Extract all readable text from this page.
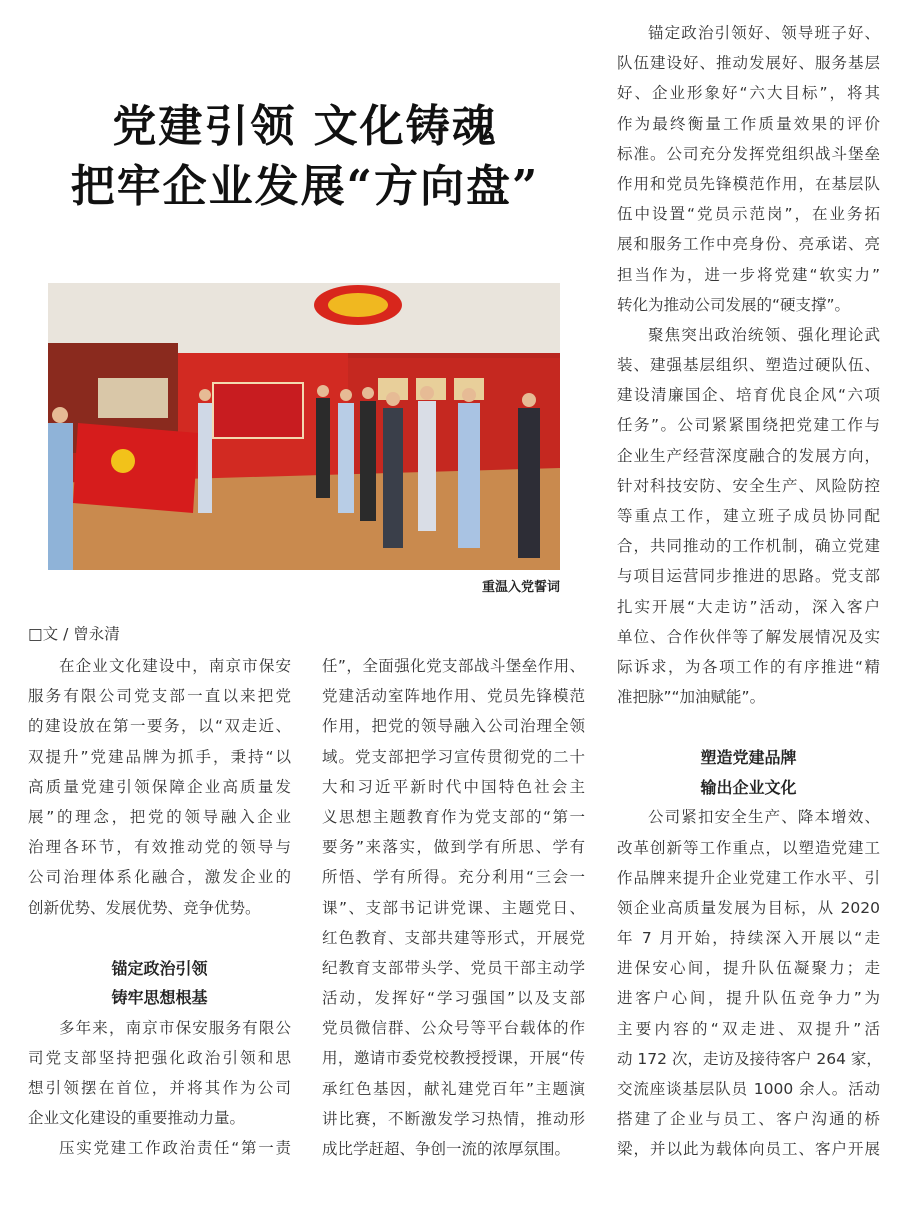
党建引领 文化铸魂
把牢企业发展“方向盘”
重温入党誓词
□文 / 曾永清
在企业文化建设中，南京市保安
服务有限公司党支部一直以来把党
的建设放在第一要务，以“双走近、
双提升”党建品牌为抓手，秉持“以
高质量党建引领保障企业高质量发
展”的理念，把党的领导融入企业
治理各环节，有效推动党的领导与
公司治理体系化融合，激发企业的
创新优势、发展优势、竞争优势。
锚定政治引领
铸牢思想根基
多年来，南京市保安服务有限公
司党支部坚持把强化政治引领和思
想引领摆在首位，并将其作为公司
企业文化建设的重要推动力量。
压实党建工作政治责任“第一责
任”，全面强化党支部战斗堡垒作用、
党建活动室阵地作用、党员先锋模范
作用，把党的领导融入公司治理全领
域。党支部把学习宣传贯彻党的二十
大和习近平新时代中国特色社会主
义思想主题教育作为党支部的“第一
要务”来落实，做到学有所思、学有
所悟、学有所得。充分利用“三会一
课”、支部书记讲党课、主题党日、
红色教育、支部共建等形式，开展党
纪教育支部带头学、党员干部主动学
活动，发挥好“学习强国”以及支部
党员微信群、公众号等平台载体的作
用，邀请市委党校教授授课，开展“传
承红色基因，献礼建党百年”主题演
讲比赛，不断激发学习热情，推动形
成比学赶超、争创一流的浓厚氛围。
锚定政治引领好、领导班子好、
队伍建设好、推动发展好、服务基层
好、企业形象好“六大目标”，将其
作为最终衡量工作质量效果的评价
标准。公司充分发挥党组织战斗堡垒
作用和党员先锋模范作用，在基层队
伍中设置“党员示范岗”，在业务拓
展和服务工作中亮身份、亮承诺、亮
担当作为，进一步将党建“软实力”
转化为推动公司发展的“硬支撑”。
聚焦突出政治统领、强化理论武
装、建强基层组织、塑造过硬队伍、
建设清廉国企、培育优良企风“六项
任务”。公司紧紧围绕把党建工作与
企业生产经营深度融合的发展方向，
针对科技安防、安全生产、风险防控
等重点工作，建立班子成员协同配
合，共同推动的工作机制，确立党建
与项目运营同步推进的思路。党支部
扎实开展“大走访”活动，深入客户
单位、合作伙伴等了解发展情况及实
际诉求，为各项工作的有序推进“精
准把脉”“加油赋能”。
塑造党建品牌
输出企业文化
公司紧扣安全生产、降本增效、
改革创新等工作重点，以塑造党建工
作品牌来提升企业党建工作水平、引
领企业高质量发展为目标，从 2020
年 7 月开始，持续深入开展以“走
进保安心间，提升队伍凝聚力；走
进客户心间，提升队伍竞争力”为
主要内容的“双走进、双提升”活
动 172 次，走访及接待客户 264 家，
交流座谈基层队员 1000 余人。活动
搭建了企业与员工、客户沟通的桥
梁，并以此为载体向员工、客户开展
